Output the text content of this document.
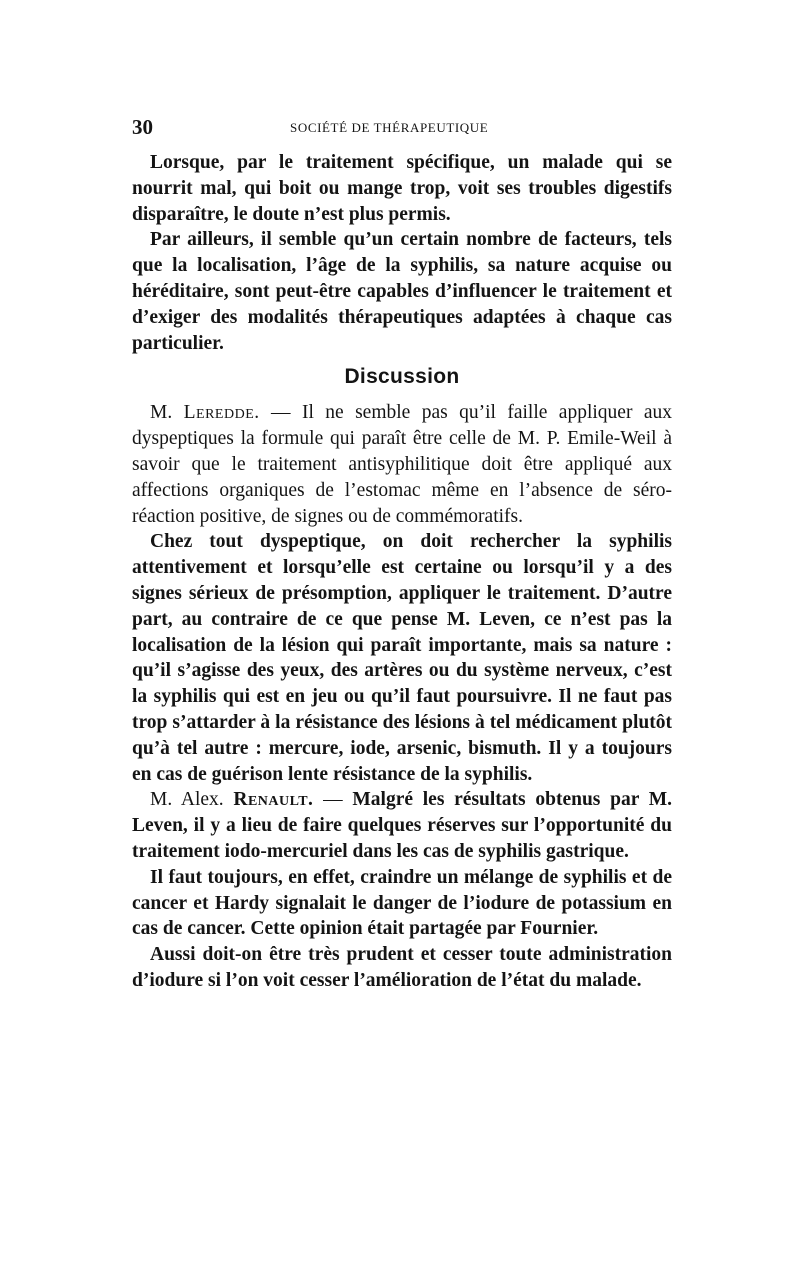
30	SOCIÉTÉ DE THÉRAPEUTIQUE

Lorsque, par le traitement spécifique, un malade qui se nourrit mal, qui boit ou mange trop, voit ses troubles digestifs disparaître, le doute n’est plus permis.

Par ailleurs, il semble qu’un certain nombre de facteurs, tels que la localisation, l’âge de la syphilis, sa nature acquise ou héréditaire, sont peut-être capables d’influencer le traitement et d’exiger des modalités thérapeutiques adaptées à chaque cas particulier.

Discussion

M. Leredde. — Il ne semble pas qu’il faille appliquer aux dyspeptiques la formule qui paraît être celle de M. P. Emile-Weil à savoir que le traitement antisyphilitique doit être appliqué aux affections organiques de l’estomac même en l’absence de séro-réaction positive, de signes ou de commémoratifs.

Chez tout dyspeptique, on doit rechercher la syphilis attentivement et lorsqu’elle est certaine ou lorsqu’il y a des signes sérieux de présomption, appliquer le traitement. D’autre part, au contraire de ce que pense M. Leven, ce n’est pas la localisation de la lésion qui paraît importante, mais sa nature : qu’il s’agisse des yeux, des artères ou du système nerveux, c’est la syphilis qui est en jeu ou qu’il faut poursuivre. Il ne faut pas trop s’attarder à la résistance des lésions à tel médicament plutôt qu’à tel autre : mercure, iode, arsenic, bismuth. Il y a toujours en cas de guérison lente résistance de la syphilis.

M. Alex. Renault. — Malgré les résultats obtenus par M. Leven, il y a lieu de faire quelques réserves sur l’opportunité du traitement iodo-mercuriel dans les cas de syphilis gastrique.

Il faut toujours, en effet, craindre un mélange de syphilis et de cancer et Hardy signalait le danger de l’iodure de potassium en cas de cancer. Cette opinion était partagée par Fournier.

Aussi doit-on être très prudent et cesser toute administration d’iodure si l’on voit cesser l’amélioration de l’état du malade.
